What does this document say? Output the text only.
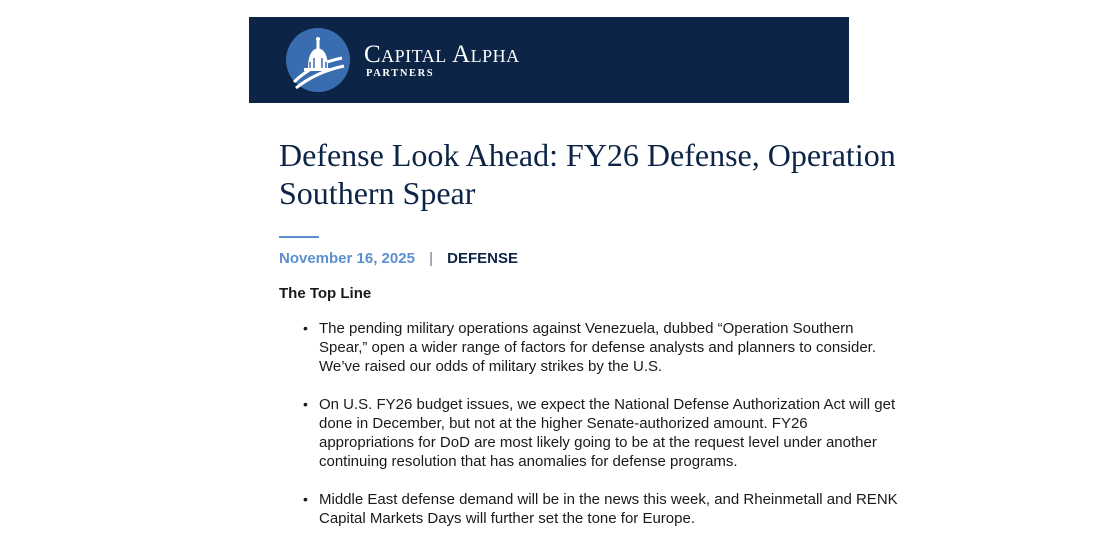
Capital Alpha
PARTNERS
Defense Look Ahead: FY26 Defense, Operation Southern Spear
November 16, 2025 | DEFENSE
The Top Line
• The pending military operations against Venezuela, dubbed “Operation Southern Spear,” open a wider range of factors for defense analysts and planners to consider. We’ve raised our odds of military strikes by the U.S.
• On U.S. FY26 budget issues, we expect the National Defense Authorization Act will get done in December, but not at the higher Senate-authorized amount. FY26 appropriations for DoD are most likely going to be at the request level under another continuing resolution that has anomalies for defense programs.
• Middle East defense demand will be in the news this week, and Rheinmetall and RENK Capital Markets Days will further set the tone for Europe.
